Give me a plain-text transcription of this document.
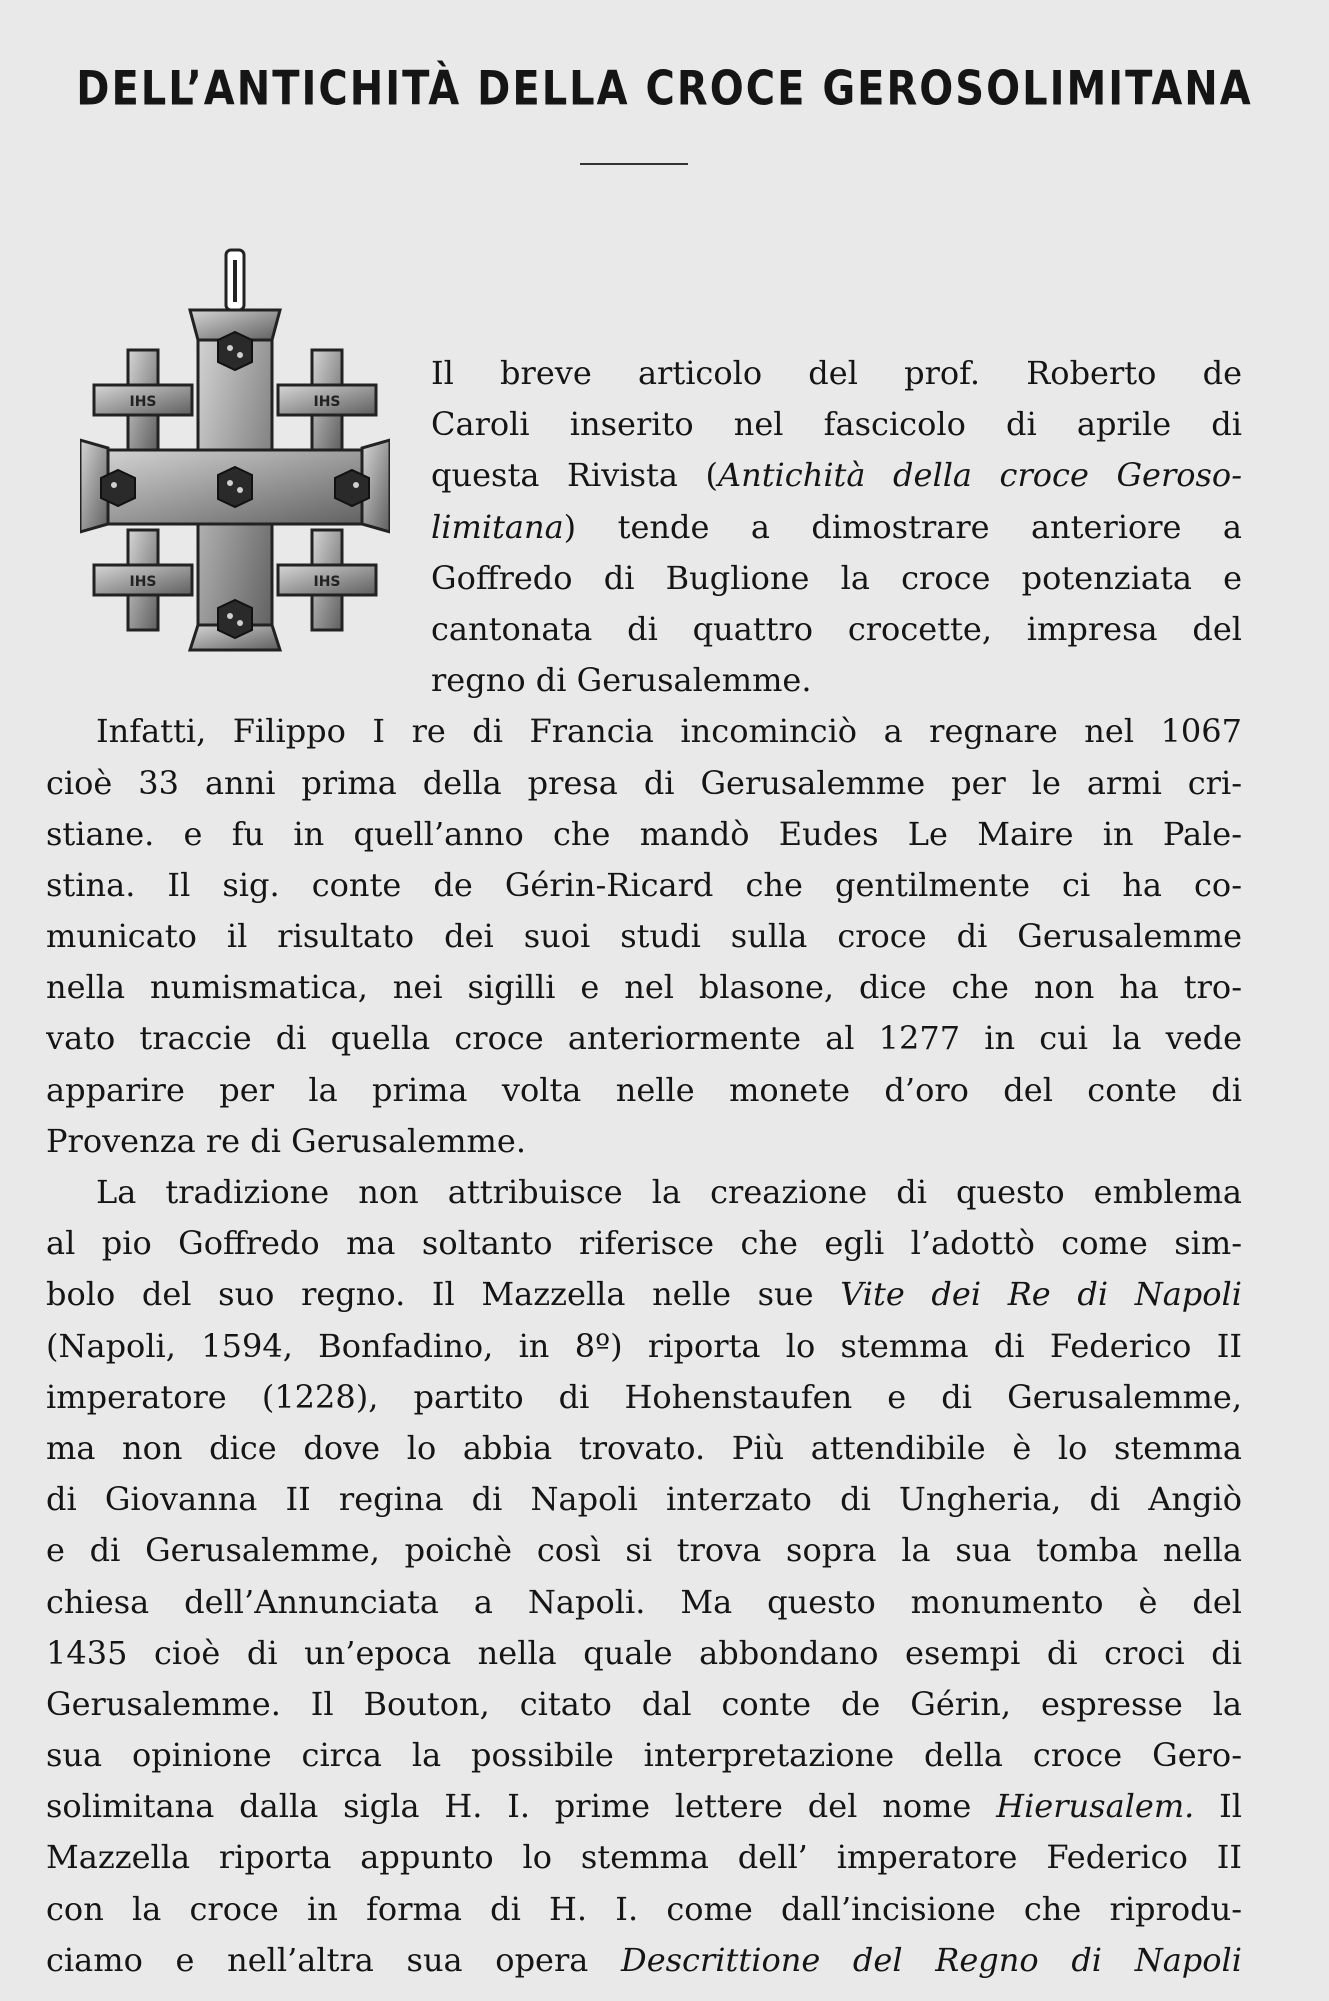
DELL’ANTICHITÀ DELLA CROCE GEROSOLIMITANA
IHS	IHS
IHS	IHS
Il breve articolo del prof. Roberto de
Caroli inserito nel fascicolo di aprile di
questa Rivista (Antichità della croce Geroso-
limitana) tende a dimostrare anteriore a
Goffredo di Buglione la croce potenziata e
cantonata di quattro crocette, impresa del
regno di Gerusalemme.
Infatti, Filippo I re di Francia incominciò a regnare nel 1067
cioè 33 anni prima della presa di Gerusalemme per le armi cri-
stiane. e fu in quell’anno che mandò Eudes Le Maire in Pale-
stina. Il sig. conte de Gérin-Ricard che gentilmente ci ha co-
municato il risultato dei suoi studi sulla croce di Gerusalemme
nella numismatica, nei sigilli e nel blasone, dice che non ha tro-
vato traccie di quella croce anteriormente al 1277 in cui la vede
apparire per la prima volta nelle monete d’oro del conte di
Provenza re di Gerusalemme.
La tradizione non attribuisce la creazione di questo emblema
al pio Goffredo ma soltanto riferisce che egli l’adottò come sim-
bolo del suo regno. Il Mazzella nelle sue Vite dei Re di Napoli
(Napoli, 1594, Bonfadino, in 8º) riporta lo stemma di Federico II
imperatore (1228), partito di Hohenstaufen e di Gerusalemme,
ma non dice dove lo abbia trovato. Più attendibile è lo stemma
di Giovanna II regina di Napoli interzato di Ungheria, di Angiò
e di Gerusalemme, poichè così si trova sopra la sua tomba nella
chiesa dell’Annunciata a Napoli. Ma questo monumento è del
1435 cioè di un’epoca nella quale abbondano esempi di croci di
Gerusalemme. Il Bouton, citato dal conte de Gérin, espresse la
sua opinione circa la possibile interpretazione della croce Gero-
solimitana dalla sigla H. I. prime lettere del nome Hierusalem. Il
Mazzella riporta appunto lo stemma dell’ imperatore Federico II
con la croce in forma di H. I. come dall’incisione che riprodu-
ciamo e nell’altra sua opera Descrittione del Regno di Napoli
